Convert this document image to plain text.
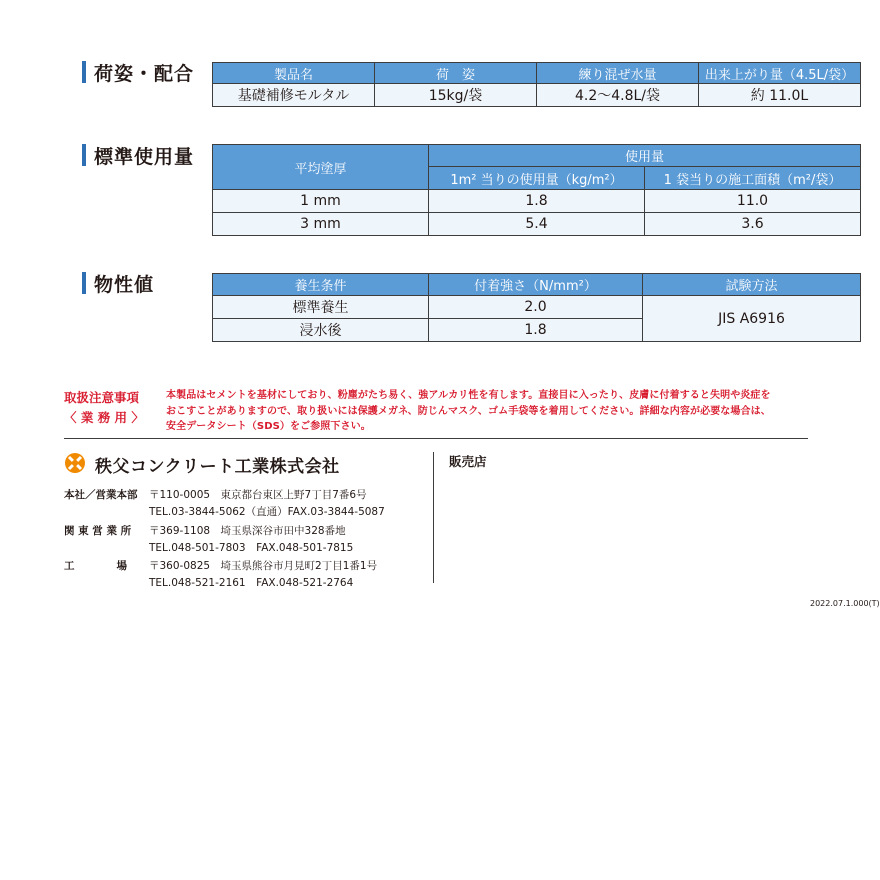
荷姿・配合	製品名	荷　姿	練り混ぜ水量	出来上がり量（4.5L/袋）
基礎補修モルタル	15kg/袋	4.2～4.8L/袋	約 11.0L
標準使用量
平均塗厚	使用量	
	1m² 当りの使用量（kg/m²）	1 袋当りの施工面積（m²/袋）
1 mm	1.8	11.0
3 mm	5.4	3.6
物性値	養生条件	付着強さ（N/mm²）	試験方法
標準養生	2.0	JIS A6916
浸水後	1.8	
取扱注意事項
〈 業 務 用 〉
本製品はセメントを基材にしており、粉塵がたち易く、強アルカリ性を有します。直接目に入ったり、皮膚に付着すると失明や炎症を
おこすことがありますので、取り扱いには保護メガネ、防じんマスク、ゴム手袋等を着用してください。詳細な内容が必要な場合は、
安全データシート（SDS）をご参照下さい。
秩父コンクリート工業株式会社
本社／営業本部	〒110-0005　東京都台東区上野7丁目7番6号
TEL.03-3844-5062（直通）FAX.03-3844-5087
関 東 営 業 所	〒369-1108　埼玉県深谷市田中328番地
TEL.048-501-7803　FAX.048-501-7815
工　　　　場	〒360-0825　埼玉県熊谷市月見町2丁目1番1号
TEL.048-521-2161　FAX.048-521-2764
販売店
2022.07.1.000(T)
